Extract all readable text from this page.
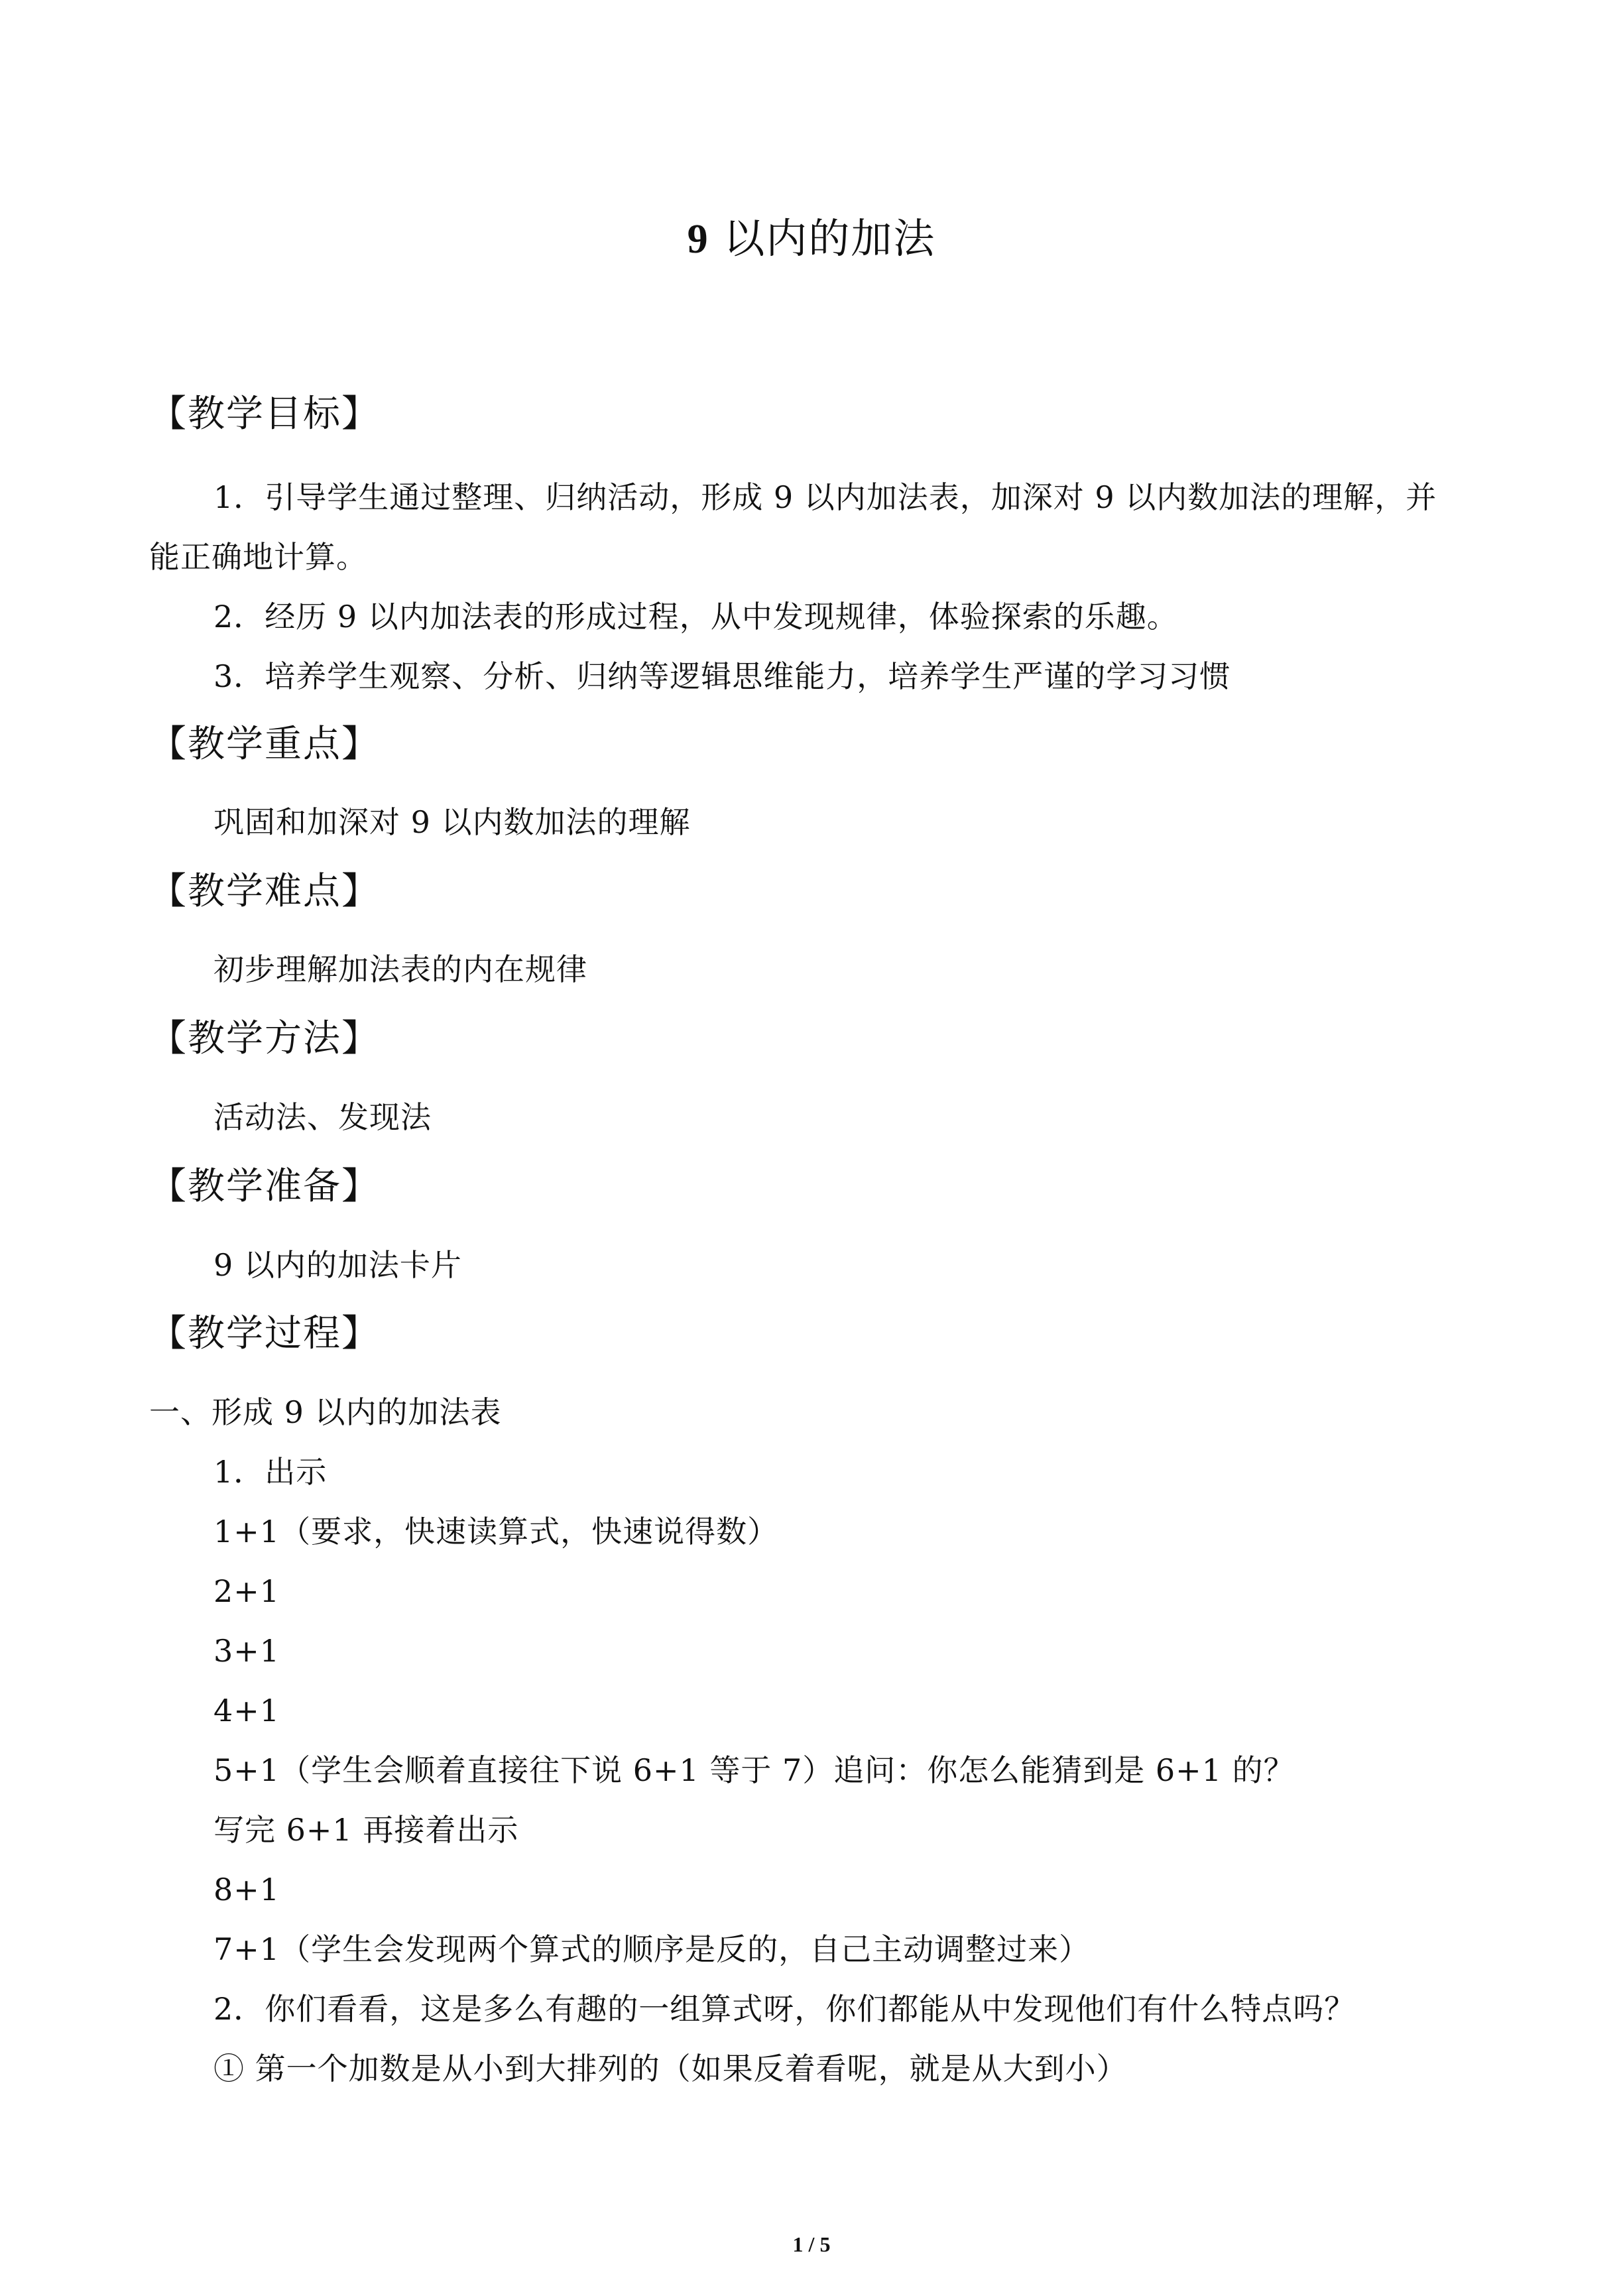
9 以内的加法
【教学目标】
1．引导学生通过整理、归纳活动，形成 9 以内加法表，加深对 9 以内数加法的理解，并
能正确地计算。
2．经历 9 以内加法表的形成过程，从中发现规律，体验探索的乐趣。
3．培养学生观察、分析、归纳等逻辑思维能力，培养学生严谨的学习习惯
【教学重点】
巩固和加深对 9 以内数加法的理解
【教学难点】
初步理解加法表的内在规律
【教学方法】
活动法、发现法
【教学准备】
9 以内的加法卡片
【教学过程】
一、形成 9 以内的加法表
1．出示
1+1（要求，快速读算式，快速说得数）
2+1
3+1
4+1
5+1（学生会顺着直接往下说 6+1 等于 7）追问：你怎么能猜到是 6+1 的？
写完 6+1 再接着出示
8+1
7+1（学生会发现两个算式的顺序是反的，自己主动调整过来）
2．你们看看，这是多么有趣的一组算式呀，你们都能从中发现他们有什么特点吗？
① 第一个加数是从小到大排列的（如果反着看呢，就是从大到小）
1 / 5
